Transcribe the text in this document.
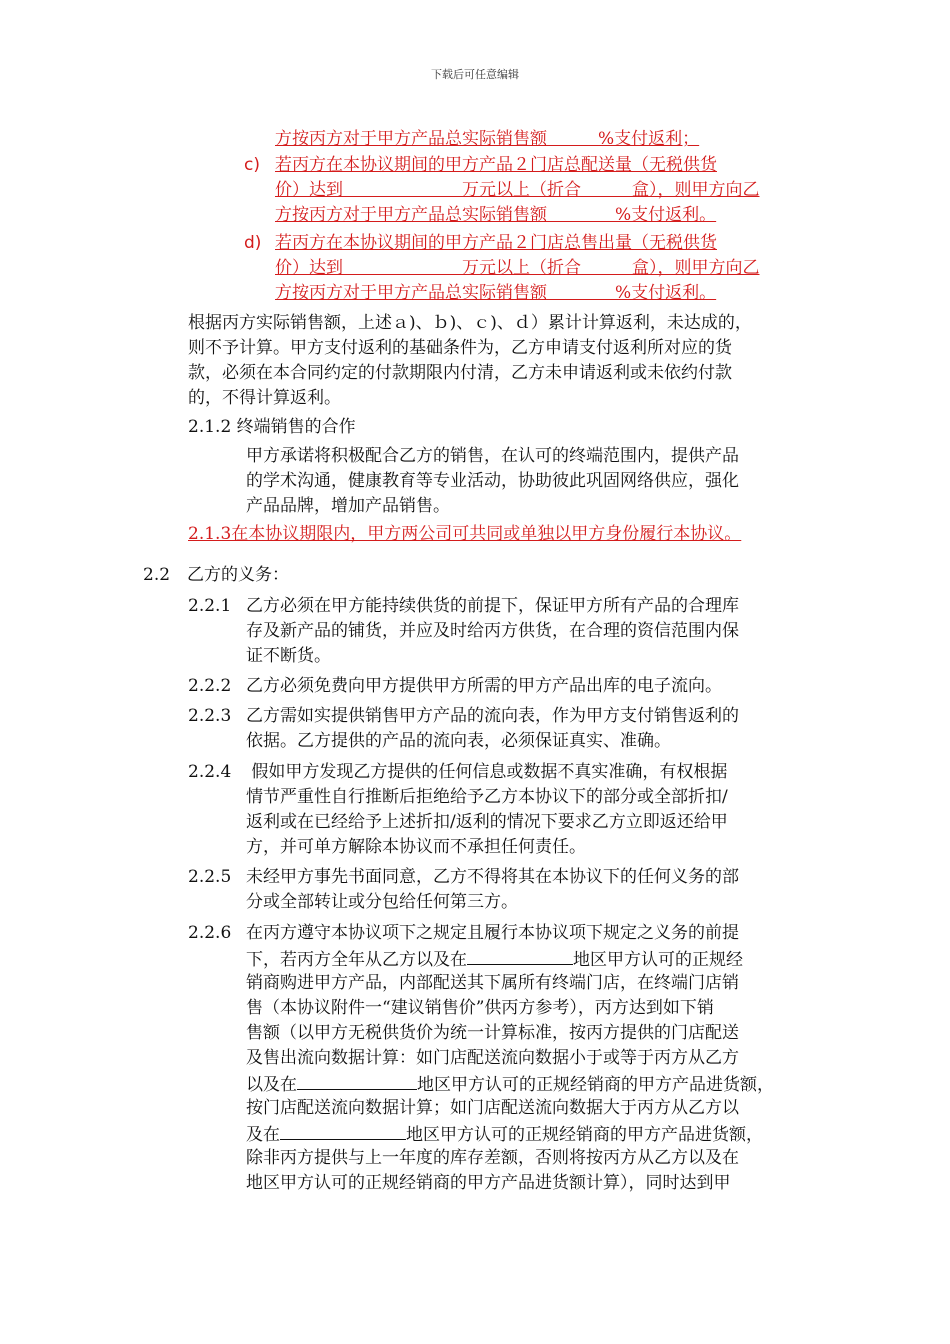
下载后可任意编辑
方按丙方对于甲方产品总实际销售额　　　%支付返利；
c) 若丙方在本协议期间的甲方产品２门店总配送量（无税供货
价）达到　　　　　　　万元以上（折合　　　盒），则甲方向乙
方按丙方对于甲方产品总实际销售额　　　　%支付返利。
d) 若丙方在本协议期间的甲方产品２门店总售出量（无税供货
价）达到　　　　　　　万元以上（折合　　　盒），则甲方向乙
方按丙方对于甲方产品总实际销售额　　　　%支付返利。
根据丙方实际销售额，上述ａ)、ｂ)、ｃ)、ｄ）累计计算返利，未达成的，
则不予计算。甲方支付返利的基础条件为，乙方申请支付返利所对应的货
款，必须在本合同约定的付款期限内付清，乙方未申请返利或未依约付款
的，不得计算返利。
2.1.2 终端销售的合作
甲方承诺将积极配合乙方的销售，在认可的终端范围内，提供产品
的学术沟通，健康教育等专业活动，协助彼此巩固网络供应，强化
产品品牌，增加产品销售。
2.1.3在本协议期限内，甲方两公司可共同或单独以甲方身份履行本协议。
2.2　乙方的义务：
2.2.1 乙方必须在甲方能持续供货的前提下，保证甲方所有产品的合理库
存及新产品的铺货，并应及时给丙方供货，在合理的资信范围内保
证不断货。
2.2.2 乙方必须免费向甲方提供甲方所需的甲方产品出库的电子流向。
2.2.3 乙方需如实提供销售甲方产品的流向表，作为甲方支付销售返利的
依据。乙方提供的产品的流向表，必须保证真实、准确。
2.2.4 假如甲方发现乙方提供的任何信息或数据不真实准确，有权根据
情节严重性自行推断后拒绝给予乙方本协议下的部分或全部折扣/
返利或在已经给予上述折扣/返利的情况下要求乙方立即返还给甲
方，并可单方解除本协议而不承担任何责任。
2.2.5 未经甲方事先书面同意，乙方不得将其在本协议下的任何义务的部
分或全部转让或分包给任何第三方。
2.2.6 在丙方遵守本协议项下之规定且履行本协议项下规定之义务的前提
下，若丙方全年从乙方以及在	地区甲方认可的正规经
销商购进甲方产品，内部配送其下属所有终端门店，在终端门店销
售（本协议附件一“建议销售价”供丙方参考），丙方达到如下销
售额（以甲方无税供货价为统一计算标准，按丙方提供的门店配送
及售出流向数据计算：如门店配送流向数据小于或等于丙方从乙方
以及在	地区甲方认可的正规经销商的甲方产品进货额，
按门店配送流向数据计算；如门店配送流向数据大于丙方从乙方以
及在	地区甲方认可的正规经销商的甲方产品进货额，
除非丙方提供与上一年度的库存差额，否则将按丙方从乙方以及在
地区甲方认可的正规经销商的甲方产品进货额计算），同时达到甲
